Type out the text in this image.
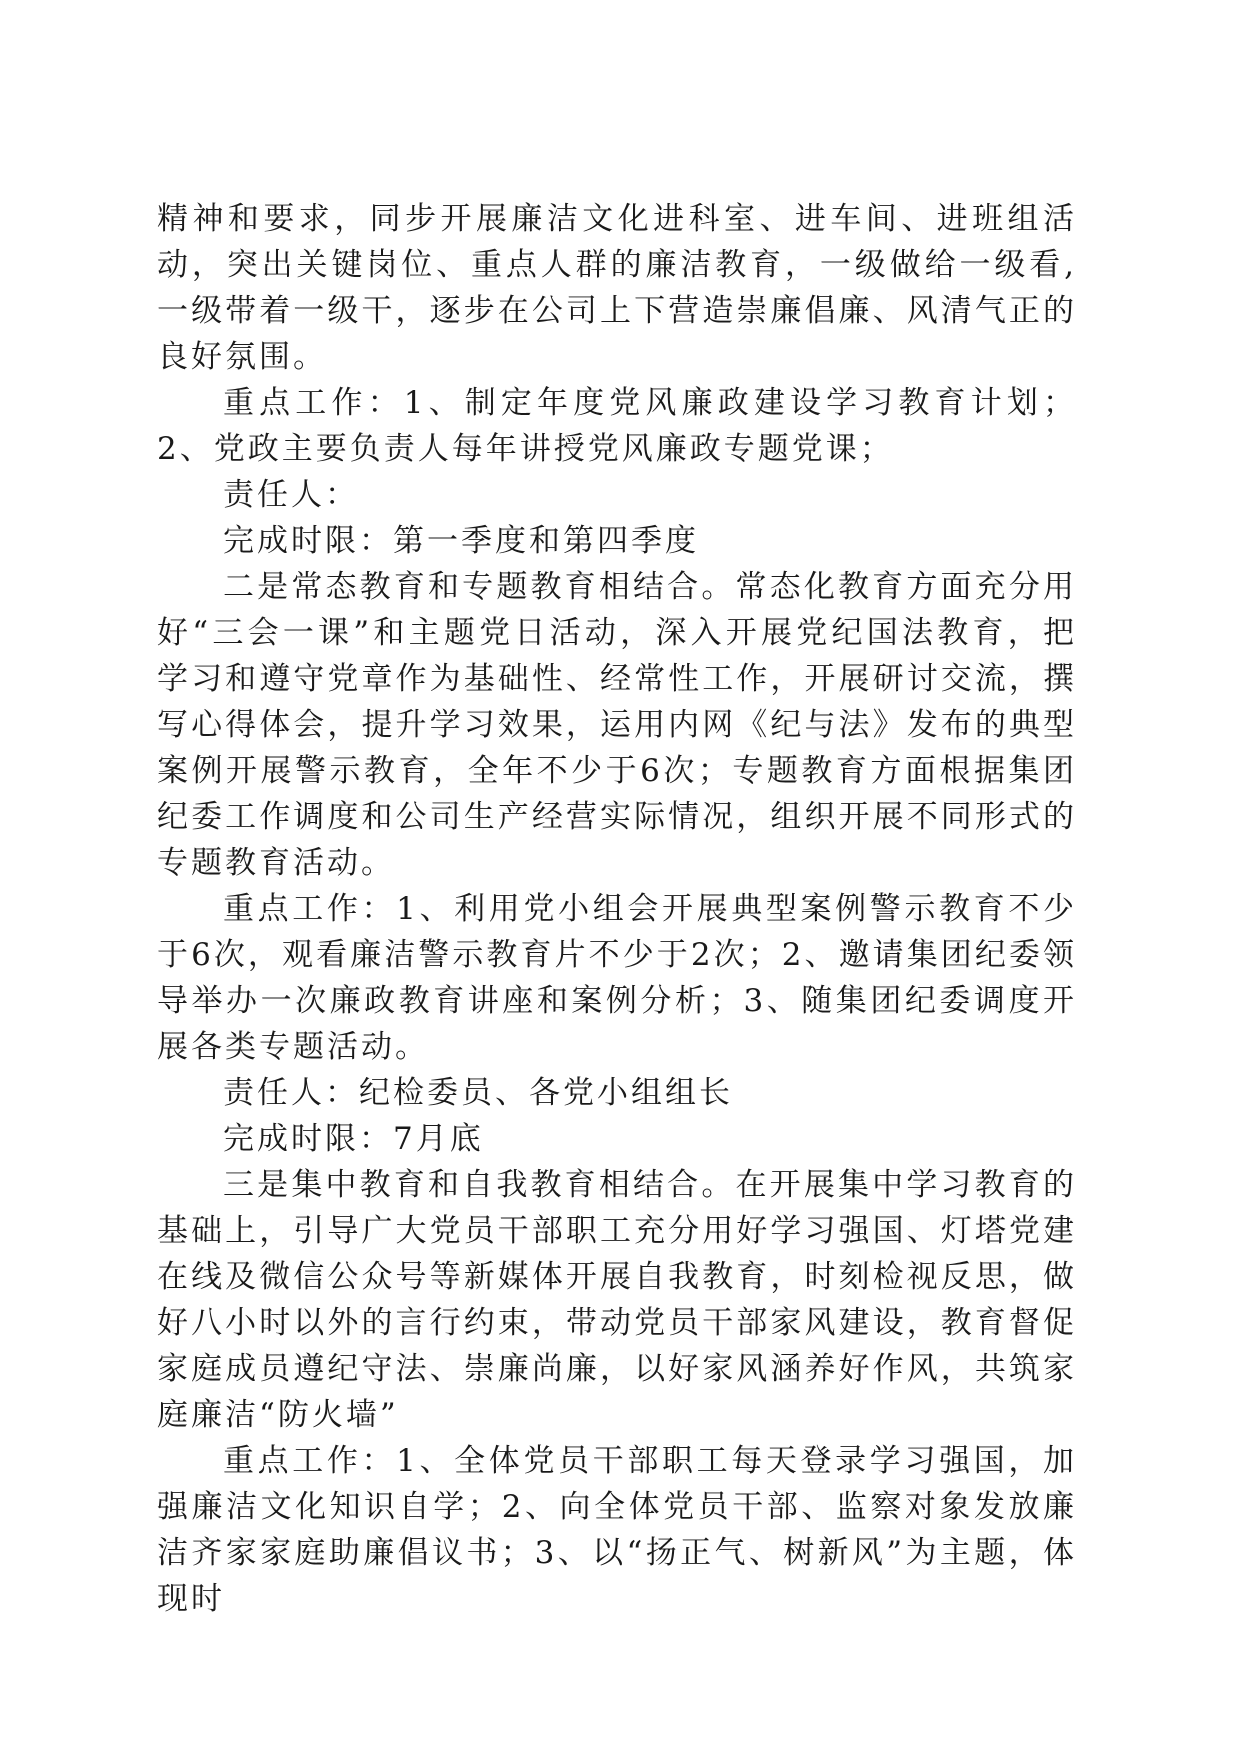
精神和要求，同步开展廉洁文化进科室、进车间、进班组活动，突出关键岗位、重点人群的廉洁教育，一级做给一级看,一级带着一级干，逐步在公司上下营造崇廉倡廉、风清气正的良好氛围。

重点工作：1、制定年度党风廉政建设学习教育计划；2、党政主要负责人每年讲授党风廉政专题党课；

责任人：

完成时限：第一季度和第四季度

二是常态教育和专题教育相结合。常态化教育方面充分用好“三会一课”和主题党日活动，深入开展党纪国法教育，把学习和遵守党章作为基础性、经常性工作，开展研讨交流，撰写心得体会，提升学习效果，运用内网《纪与法》发布的典型案例开展警示教育，全年不少于6次；专题教育方面根据集团纪委工作调度和公司生产经营实际情况，组织开展不同形式的专题教育活动。

重点工作：1、利用党小组会开展典型案例警示教育不少于6次，观看廉洁警示教育片不少于2次；2、邀请集团纪委领导举办一次廉政教育讲座和案例分析；3、随集团纪委调度开展各类专题活动。

责任人：纪检委员、各党小组组长

完成时限：7月底

三是集中教育和自我教育相结合。在开展集中学习教育的基础上，引导广大党员干部职工充分用好学习强国、灯塔党建在线及微信公众号等新媒体开展自我教育，时刻检视反思，做好八小时以外的言行约束，带动党员干部家风建设，教育督促家庭成员遵纪守法、崇廉尚廉，以好家风涵养好作风，共筑家庭廉洁“防火墙”

重点工作：1、全体党员干部职工每天登录学习强国，加强廉洁文化知识自学；2、向全体党员干部、监察对象发放廉洁齐家家庭助廉倡议书；3、以“扬正气、树新风”为主题，体现时
